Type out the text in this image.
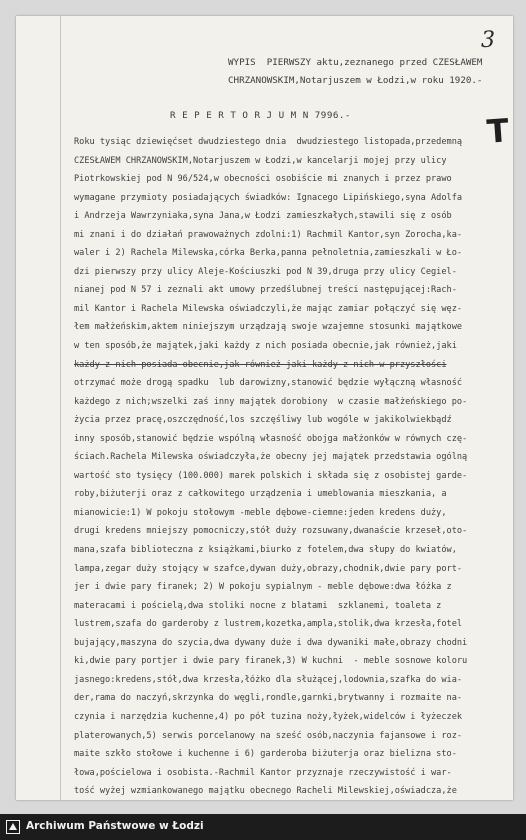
3
T
WYPIS  PIERWSZY aktu,zeznanego przed CZESŁAWEM
CHRZANOWSKIM,Notarjuszem w Łodzi,w roku 1920.-
R E P E R T O R J U M N 7996.-
Roku tysiąc dziewięćset dwudziestego dnia  dwudziestego listopada,przedemną
CZESŁAWEM CHRZANOWSKIM,Notarjuszem w Łodzi,w kancelarji mojej przy ulicy
Piotrkowskiej pod N 96/524,w obecności osobiście mi znanych i przez prawo
wymagane przymioty posiadających świadków: Ignacego Lipińskiego,syna Adolfa
i Andrzeja Wawrzyniaka,syna Jana,w Łodzi zamieszkałych,stawili się z osób
mi znani i do działań prawoważnych zdolni:1) Rachmil Kantor,syn Zorocha,ka-
waler i 2) Rachela Milewska,córka Berka,panna pełnoletnia,zamieszkali w Ło-
dzi pierwszy przy ulicy Aleje-Kościuszki pod N 39,druga przy ulicy Cegiel-
nianej pod N 57 i zeznali akt umowy przedślubnej treści następującej:Rach-
mil Kantor i Rachela Milewska oświadczyli,że mając zamiar połączyć się węz-
łem małżeńskim,aktem niniejszym urządzają swoje wzajemne stosunki majątkowe
w ten sposób,że majątek,jaki każdy z nich posiada obecnie,jak również,jaki
każdy z nich posiada obecnie,jak również jaki każdy z nich w przyszłości
otrzymać może drogą spadku  lub darowizny,stanowić będzie wyłączną własność
każdego z nich;wszelki zaś inny majątek dorobiony  w czasie małżeńskiego po-
życia przez pracę,oszczędność,los szczęśliwy lub wogóle w jakikolwiekbądź
inny sposób,stanowić będzie wspólną własność obojga małżonków w równych czę-
ściach.Rachela Milewska oświadczyła,że obecny jej majątek przedstawia ogólną
wartość sto tysięcy (100.000) marek polskich i składa się z osobistej garde-
roby,biżuterji oraz z całkowitego urządzenia i umeblowania mieszkania, a
mianowicie:1) W pokoju stołowym -meble dębowe-ciemne:jeden kredens duży,
drugi kredens mniejszy pomocniczy,stół duży rozsuwany,dwanaście krzeseł,oto-
mana,szafa biblioteczna z książkami,biurko z fotelem,dwa słupy do kwiatów,
lampa,zegar duży stojący w szafce,dywan duży,obrazy,chodnik,dwie pary port-
jer i dwie pary firanek; 2) W pokoju sypialnym - meble dębowe:dwa łóżka z
materacami i pościelą,dwa stoliki nocne z blatami  szklanemi, toaleta z
lustrem,szafa do garderoby z lustrem,kozetka,ampla,stolik,dwa krzesła,fotel
bujający,maszyna do szycia,dwa dywany duże i dwa dywaniki małe,obrazy chodni
ki,dwie pary portjer i dwie pary firanek,3) W kuchni  - meble sosnowe koloru
jasnego:kredens,stół,dwa krzesła,łóżko dla służącej,lodownia,szafka do wia-
der,rama do naczyń,skrzynka do węgli,rondle,garnki,brytwanny i rozmaite na-
czynia i narzędzia kuchenne,4) po pół tuzina noży,łyżek,widelców i łyżeczek
platerowanych,5) serwis porcelanowy na sześć osób,naczynia fajansowe i roz-
maite szkło stołowe i kuchenne i 6) garderoba biżuterja oraz bielizna sto-
łowa,pościelowa i osobista.-Rachmil Kantor przyznaje rzeczywistość i war-
tość wyżej wzmiankowanego majątku obecnego Racheli Milewskiej,oświadcza,że
Archiwum Państwowe w Łodzi
